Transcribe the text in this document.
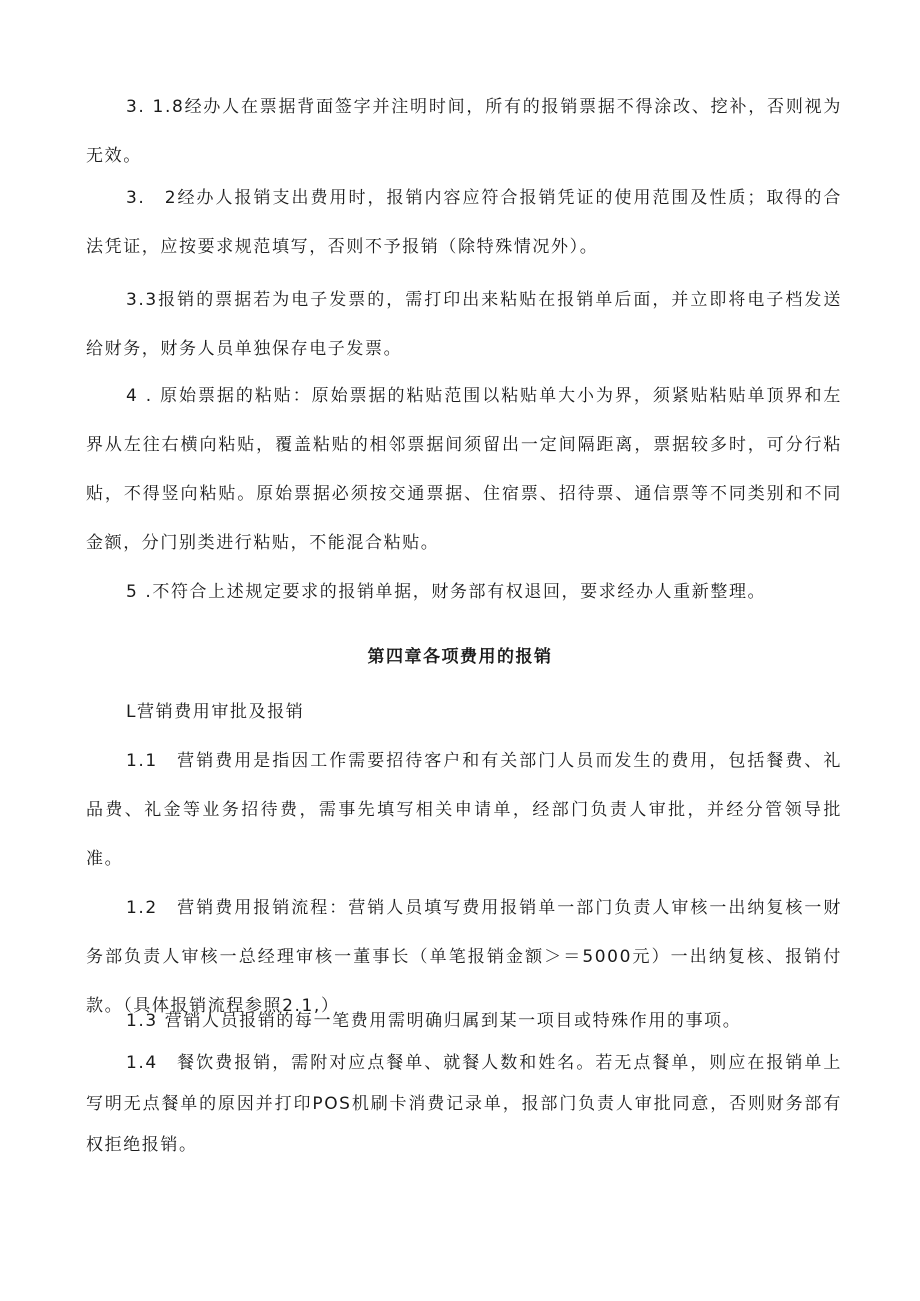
3. 1.8经办人在票据背面签字并注明时间，所有的报销票据不得涂改、挖补，否则视为无效。

3.　2经办人报销支出费用时，报销内容应符合报销凭证的使用范围及性质；取得的合法凭证，应按要求规范填写，否则不予报销（除特殊情况外）。

3.3报销的票据若为电子发票的，需打印出来粘贴在报销单后面，并立即将电子档发送给财务，财务人员单独保存电子发票。

4 . 原始票据的粘贴：原始票据的粘贴范围以粘贴单大小为界，须紧贴粘贴单顶界和左界从左往右横向粘贴，覆盖粘贴的相邻票据间须留出一定间隔距离，票据较多时，可分行粘贴，不得竖向粘贴。原始票据必须按交通票据、住宿票、招待票、通信票等不同类别和不同金额，分门别类进行粘贴，不能混合粘贴。

5 .不符合上述规定要求的报销单据，财务部有权退回，要求经办人重新整理。

第四章各项费用的报销

L营销费用审批及报销

1.1　营销费用是指因工作需要招待客户和有关部门人员而发生的费用，包括餐费、礼品费、礼金等业务招待费，需事先填写相关申请单，经部门负责人审批，并经分管领导批准。

1.2　营销费用报销流程：营销人员填写费用报销单一部门负责人审核一出纳复核一财务部负责人审核一总经理审核一董事长（单笔报销金额＞＝5000元）一出纳复核、报销付款。（具体报销流程参照2.1,）

1.3 营销人员报销的每一笔费用需明确归属到某一项目或特殊作用的事项。

1.4　餐饮费报销，需附对应点餐单、就餐人数和姓名。若无点餐单，则应在报销单上写明无点餐单的原因并打印POS机刷卡消费记录单，报部门负责人审批同意，否则财务部有权拒绝报销。
